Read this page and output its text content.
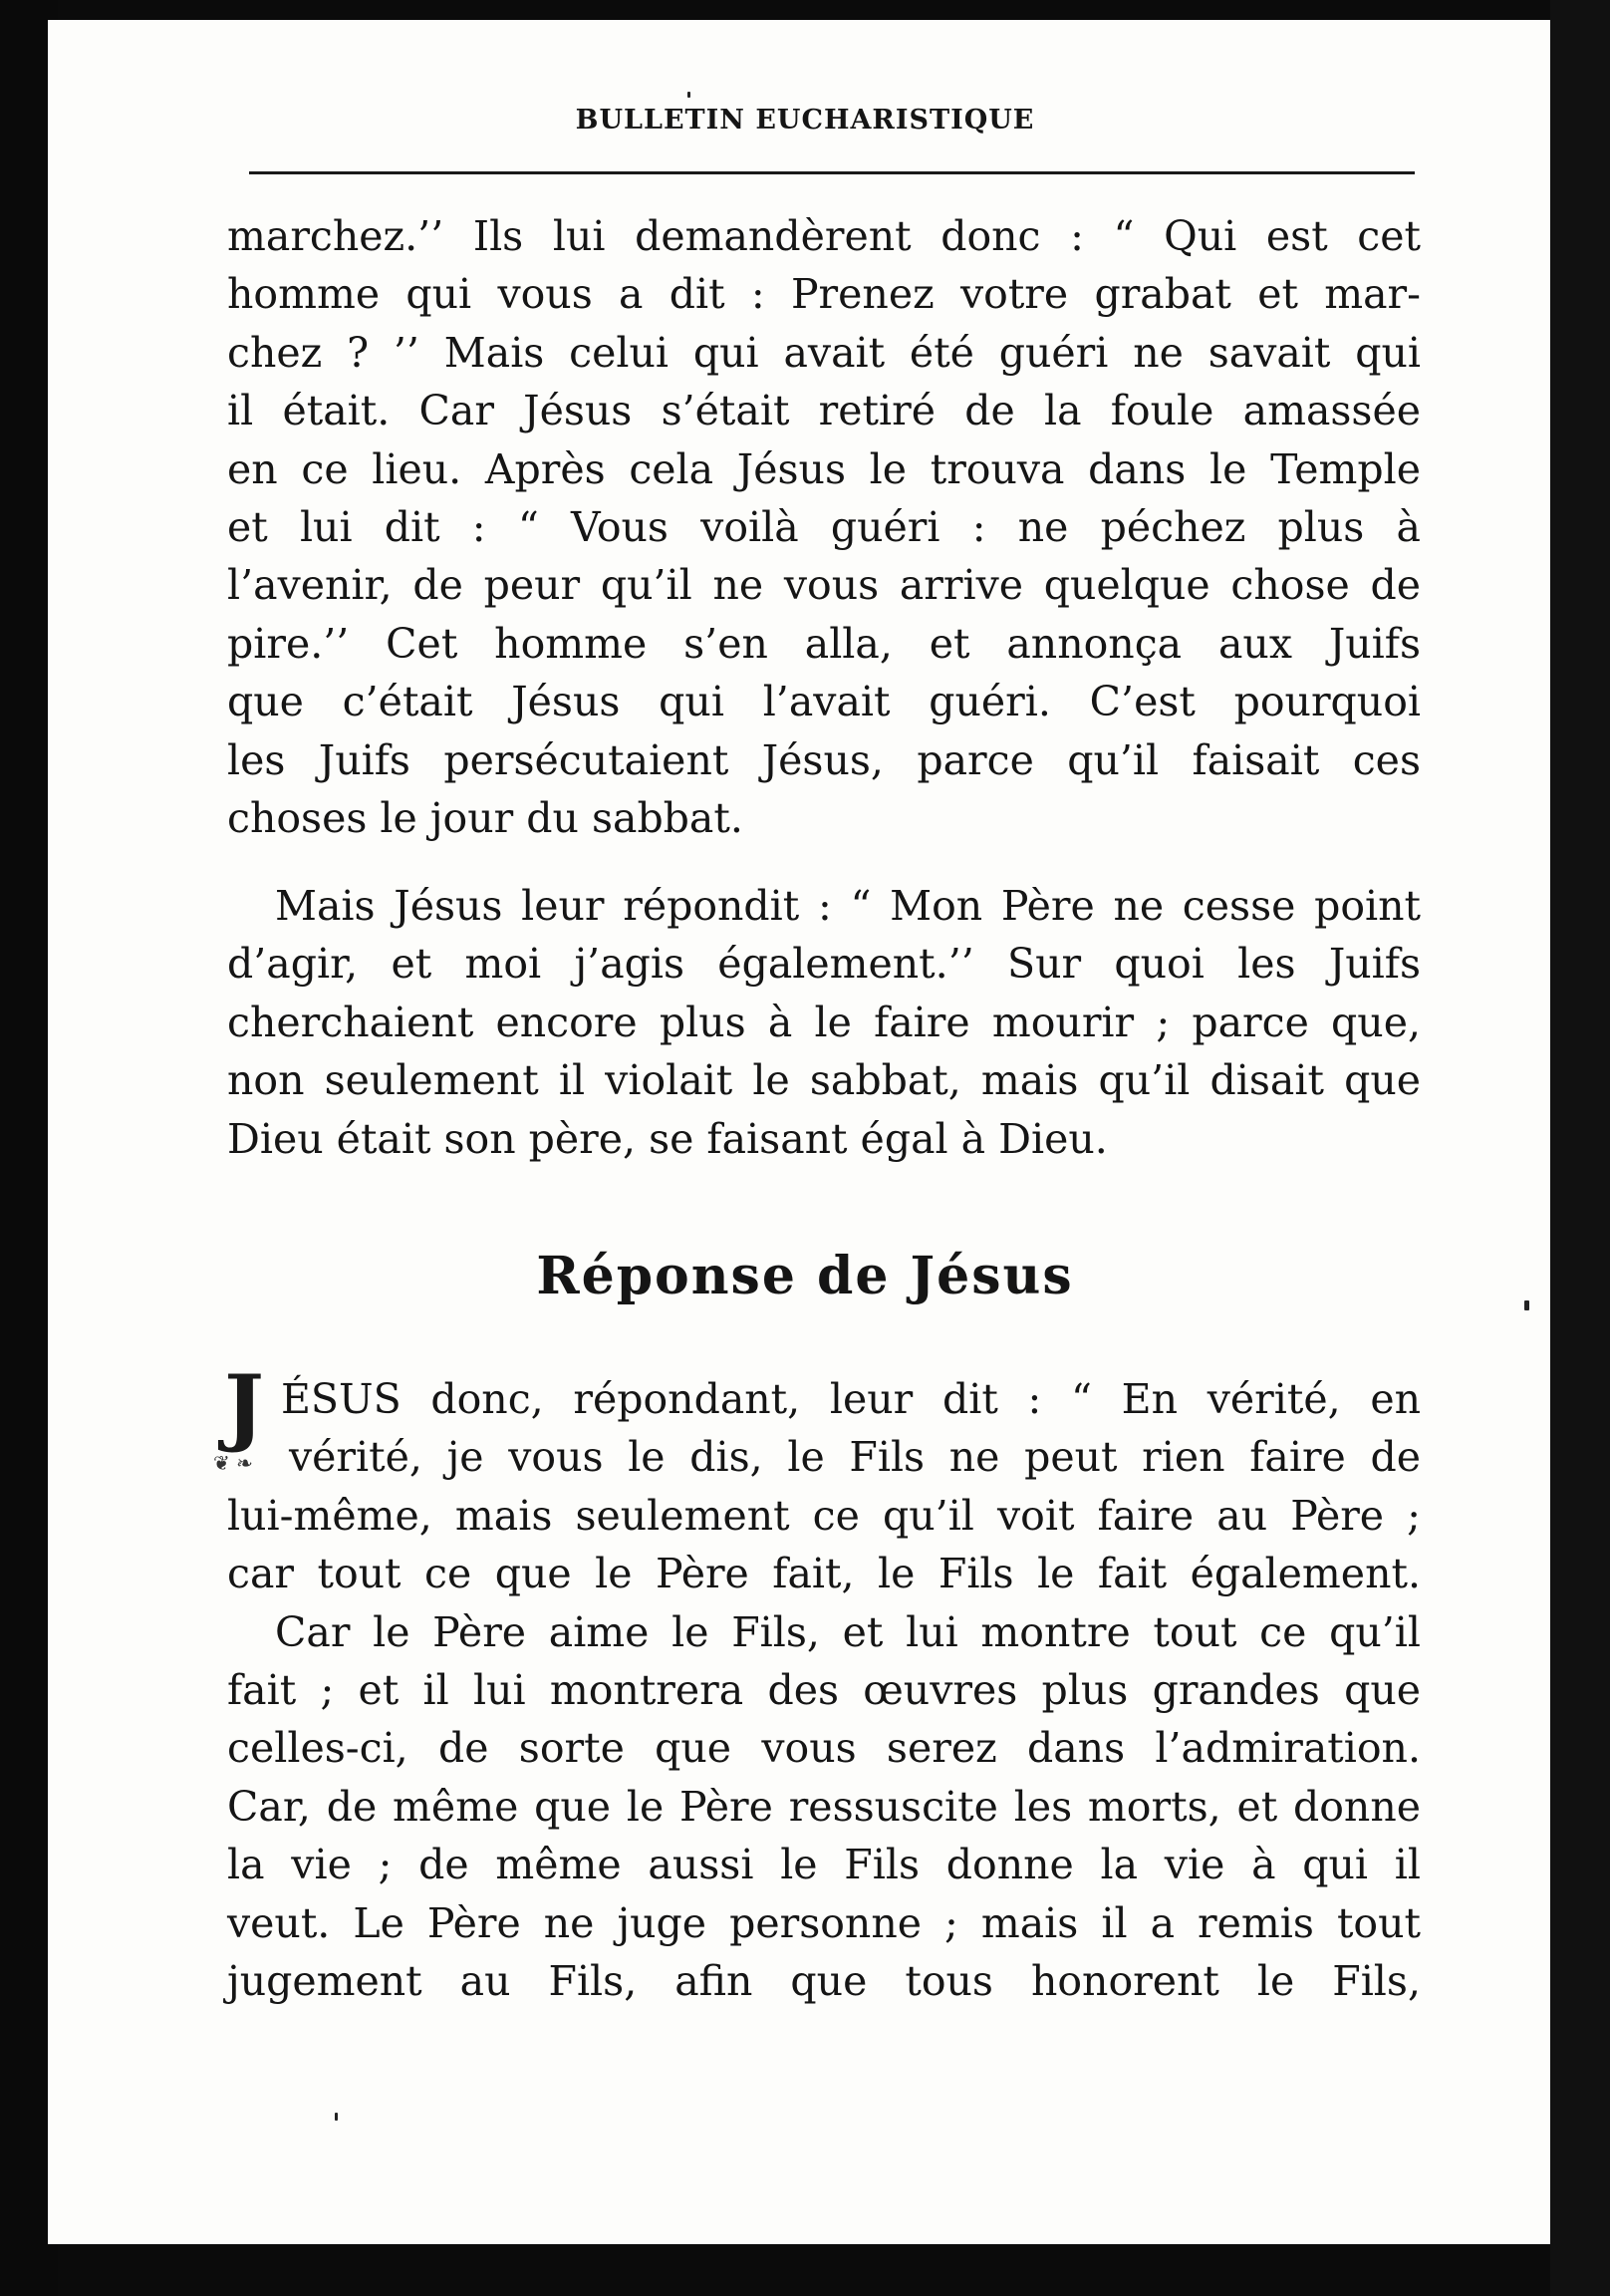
BULLETIN EUCHARISTIQUE
marchez.’’ Ils lui demandèrent donc : “ Qui est cet
homme qui vous a dit : Prenez votre grabat et mar-
chez ? ’’ Mais celui qui avait été guéri ne savait qui
il était. Car Jésus s’était retiré de la foule amassée
en ce lieu. Après cela Jésus le trouva dans le Temple
et lui dit : “ Vous voilà guéri : ne péchez plus à
l’avenir, de peur qu’il ne vous arrive quelque chose de
pire.’’ Cet homme s’en alla, et annonça aux Juifs
que c’était Jésus qui l’avait guéri. C’est pourquoi
les Juifs persécutaient Jésus, parce qu’il faisait ces
choses le jour du sabbat.
Mais Jésus leur répondit : “ Mon Père ne cesse point
d’agir, et moi j’agis également.’’ Sur quoi les Juifs
cherchaient encore plus à le faire mourir ; parce que,
non seulement il violait le sabbat, mais qu’il disait que
Dieu était son père, se faisant égal à Dieu.
Réponse de Jésus
J
❦ ❧
ÉSUS donc, répondant, leur dit : “ En vérité, en
vérité, je vous le dis, le Fils ne peut rien faire de
lui-même, mais seulement ce qu’il voit faire au Père ;
car tout ce que le Père fait, le Fils le fait également.
Car le Père aime le Fils, et lui montre tout ce qu’il
fait ; et il lui montrera des œuvres plus grandes que
celles-ci, de sorte que vous serez dans l’admiration.
Car, de même que le Père ressuscite les morts, et donne
la vie ; de même aussi le Fils donne la vie à qui il
veut. Le Père ne juge personne ; mais il a remis tout
jugement au Fils, afin que tous honorent le Fils,
